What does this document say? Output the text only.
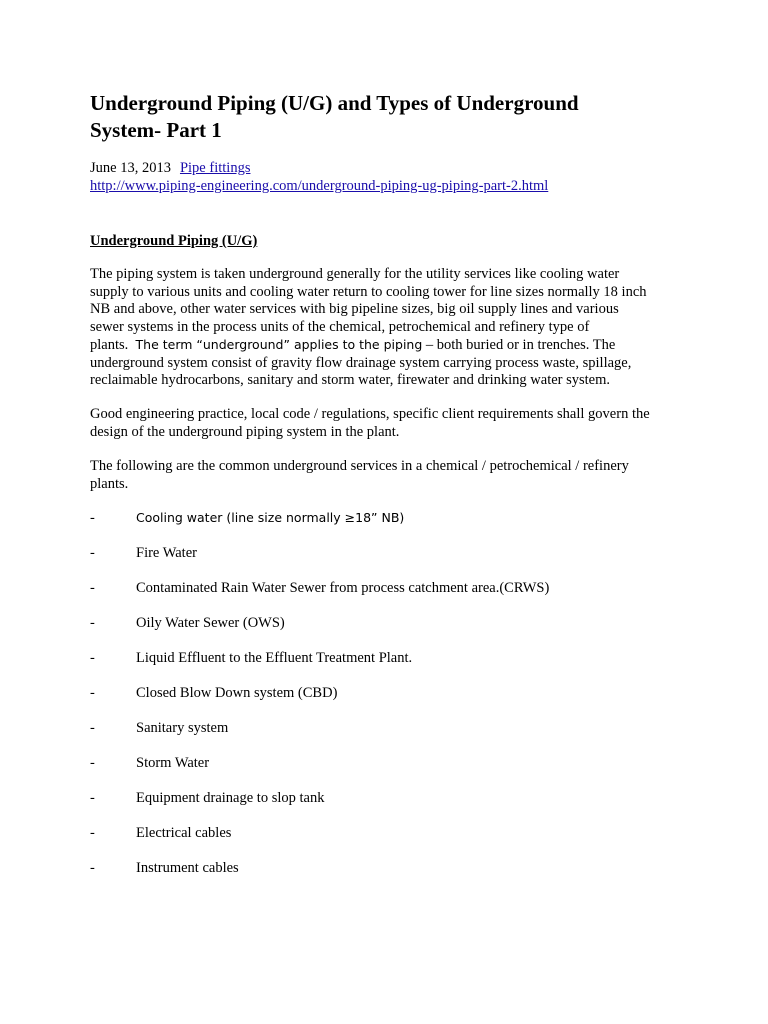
Underground Piping (U/G) and Types of Underground System- Part 1
June 13, 2013 Pipe fittings
http://www.piping-engineering.com/underground-piping-ug-piping-part-2.html
Underground Piping (U/G)
The piping system is taken underground generally for the utility services like cooling water
supply to various units and cooling water return to cooling tower for line sizes normally 18 inch
NB and above, other water services with big pipeline sizes, big oil supply lines and various
sewer systems in the process units of the chemical, petrochemical and refinery type of
plants.  The term “underground” applies to the piping – both buried or in trenches. The
underground system consist of gravity flow drainage system carrying process waste, spillage,
reclaimable hydrocarbons, sanitary and storm water, firewater and drinking water system.
Good engineering practice, local code / regulations, specific client requirements shall govern the
design of the underground piping system in the plant.
The following are the common underground services in a chemical / petrochemical / refinery
plants.
-	Cooling water (line size normally ≥18” NB)
-	Fire Water
-	Contaminated Rain Water Sewer from process catchment area.(CRWS)
-	Oily Water Sewer (OWS)
-	Liquid Effluent to the Effluent Treatment Plant.
-	Closed Blow Down system (CBD)
-	Sanitary system
-	Storm Water
-	Equipment drainage to slop tank
-	Electrical cables
-	Instrument cables
